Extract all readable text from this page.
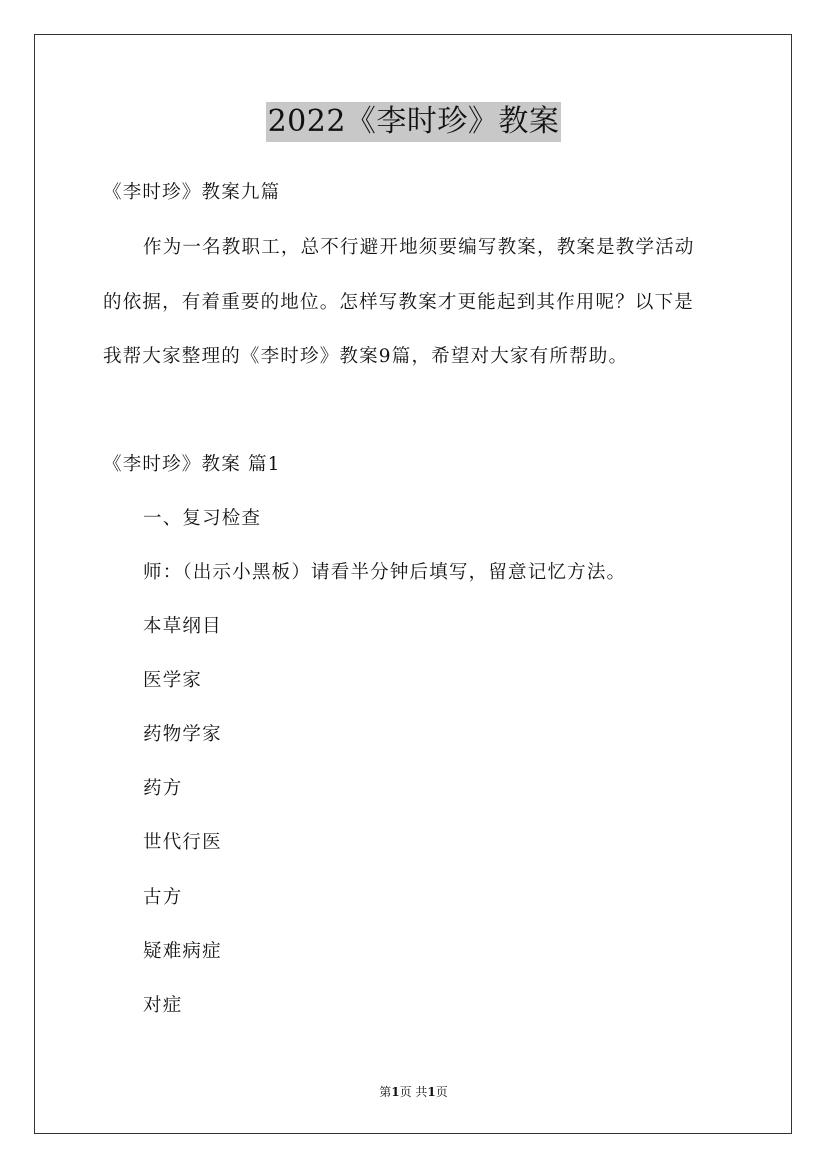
2022《李时珍》教案
《李时珍》教案九篇
作为一名教职工，总不行避开地须要编写教案，教案是教学活动
的依据，有着重要的地位。怎样写教案才更能起到其作用呢？以下是
我帮大家整理的《李时珍》教案9篇，希望对大家有所帮助。
《李时珍》教案 篇1
一、复习检查
师：（出示小黑板）请看半分钟后填写，留意记忆方法。
本草纲目
医学家
药物学家
药方
世代行医
古方
疑难病症
对症
第1页 共1页
